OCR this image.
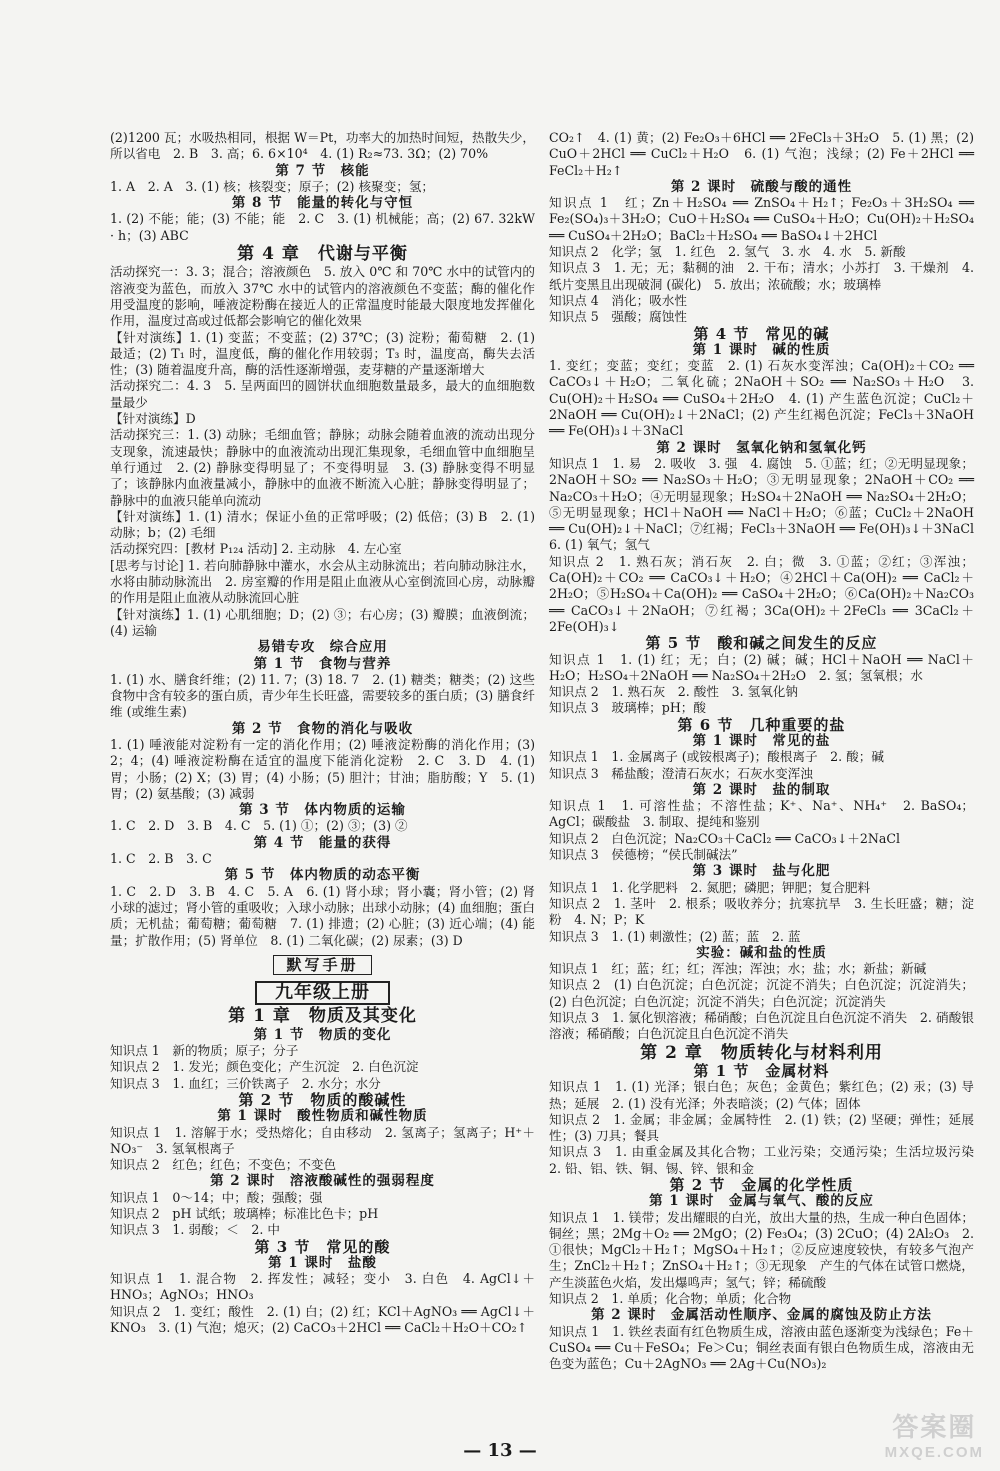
(2)1200 瓦；水吸热相同，根据 W＝Pt，功率大的加热时间短，热散失少，所以省电　2. B　3. 高；6. 6×10⁴　4. (1) R₂≈73. 3Ω；(2) 70%
第 7 节　核能
1. A　2. A　3. (1) 核；核裂变；原子；(2) 核聚变；氢；
第 8 节　能量的转化与守恒
1. (2) 不能；能；(3) 不能；能　2. C　3. (1) 机械能；高；(2) 67. 32kW · h；(3) ABC
第 4 章　代谢与平衡
活动探究一：3. 3；混合；溶液颜色　5. 放入 0℃ 和 70℃ 水中的试管内的溶液变为蓝色，而放入 37℃ 水中的试管内的溶液颜色不变蓝；酶的催化作用受温度的影响，唾液淀粉酶在接近人的正常温度时能最大限度地发挥催化作用，温度过高或过低都会影响它的催化效果
【针对演练】1. (1) 变蓝；不变蓝；(2) 37℃；(3) 淀粉；葡萄糖　2. (1) 最适；(2) T₁ 时，温度低，酶的催化作用较弱；T₃ 时，温度高，酶失去活性；(3) 随着温度升高，酶的活性逐渐增强，麦芽糖的产量逐渐增大
活动探究二：4. 3　5. 呈两面凹的圆饼状血细胞数量最多，最大的血细胞数量最少
【针对演练】D
活动探究三：1. (3) 动脉；毛细血管；静脉；动脉会随着血液的流动出现分支现象，流速最快；静脉中的血液流动出现汇集现象，毛细血管中血细胞呈单行通过　2. (2) 静脉变得明显了；不变得明显　3. (3) 静脉变得不明显了；该静脉内血液量减小，静脉中的血液不断流入心脏；静脉变得明显了；静脉中的血液只能单向流动
【针对演练】1. (1) 清水；保证小鱼的正常呼吸；(2) 低倍；(3) B　2. (1) 动脉；b；(2) 毛细
活动探究四：[教材 P₁₂₄ 活动] 2. 主动脉　4. 左心室
[思考与讨论] 1. 若向肺静脉中灌水，水会从主动脉流出；若向肺动脉注水，水将由肺动脉流出　2. 房室瓣的作用是阻止血液从心室倒流回心房，动脉瓣的作用是阻止血液从动脉流回心脏
【针对演练】1. (1) 心肌细胞；D；(2) ③；右心房；(3) 瓣膜；血液倒流；(4) 运输
易错专攻　综合应用
第 1 节　食物与营养
1. (1) 水、膳食纤维；(2) 11. 7；(3) 18. 7　2. (1) 糖类；糖类；(2) 这些食物中含有较多的蛋白质，青少年生长旺盛，需要较多的蛋白质；(3) 膳食纤维 (或维生素)
第 2 节　食物的消化与吸收
1. (1) 唾液能对淀粉有一定的消化作用；(2) 唾液淀粉酶的消化作用；(3) 2；4；(4) 唾液淀粉酶在适宜的温度下能消化淀粉　2. C　3. D　4. (1) 胃；小肠；(2) X；(3) 胃；(4) 小肠；(5) 胆汁；甘油；脂肪酸；Y　5. (1) 胃；(2) 氨基酸；(3) 减弱
第 3 节　体内物质的运输
1. C　2. D　3. B　4. C　5. (1) ①；(2) ③；(3) ②
第 4 节　能量的获得
1. C　2. B　3. C
第 5 节　体内物质的动态平衡
1. C　2. D　3. B　4. C　5. A　6. (1) 肾小球；肾小囊；肾小管；(2) 肾小球的滤过；肾小管的重吸收；入球小动脉；出球小动脉；(4) 血细胞；蛋白质；无机盐；葡萄糖；葡萄糖　7. (1) 排遗；(2) 心脏；(3) 近心端；(4) 能量；扩散作用；(5) 肾单位　8. (1) 二氧化碳；(2) 尿素；(3) D
默写手册
九年级上册
第 1 章　物质及其变化
第 1 节　物质的变化
知识点 1　新的物质；原子；分子
知识点 2　1. 发光；颜色变化；产生沉淀　2. 白色沉淀
知识点 3　1. 血红；三价铁离子　2. 水分；水分
第 2 节　物质的酸碱性
第 1 课时　酸性物质和碱性物质
知识点 1　1. 溶解于水；受热熔化；自由移动　2. 氢离子；氢离子；H⁺＋NO₃⁻　3. 氢氧根离子
知识点 2　红色；红色；不变色；不变色
第 2 课时　溶液酸碱性的强弱程度
知识点 1　0～14；中；酸；强酸；强
知识点 2　pH 试纸；玻璃棒；标准比色卡；pH
知识点 3　1. 弱酸；＜　2. 中
第 3 节　常见的酸
第 1 课时　盐酸
知识点 1　1. 混合物　2. 挥发性；减轻；变小　3. 白色　4. AgCl↓＋HNO₃；AgNO₃；HNO₃
知识点 2　1. 变红；酸性　2. (1) 白；(2) 红；KCl＋AgNO₃ ══ AgCl↓＋KNO₃　3. (1) 气泡；熄灭；(2) CaCO₃＋2HCl ══ CaCl₂＋H₂O＋CO₂↑
CO₂↑　4. (1) 黄；(2) Fe₂O₃＋6HCl ══ 2FeCl₃＋3H₂O　5. (1) 黑；(2) CuO＋2HCl ══ CuCl₂＋H₂O　6. (1) 气泡；浅绿；(2) Fe＋2HCl ══ FeCl₂＋H₂↑
第 2 课时　硫酸与酸的通性
知识点 1　红；Zn＋H₂SO₄ ══ ZnSO₄＋H₂↑；Fe₂O₃＋3H₂SO₄ ══ Fe₂(SO₄)₃＋3H₂O；CuO＋H₂SO₄ ══ CuSO₄＋H₂O；Cu(OH)₂＋H₂SO₄ ══ CuSO₄＋2H₂O；BaCl₂＋H₂SO₄ ══ BaSO₄↓＋2HCl
知识点 2　化学；氢　1. 红色　2. 氢气　3. 水　4. 水　5. 新酸
知识点 3　1. 无；无；黏稠的油　2. 干布；清水；小苏打　3. 干燥剂　4. 纸片变黑且出现破洞 (碳化)　5. 放出；浓硫酸；水；玻璃棒
知识点 4　消化；吸水性
知识点 5　强酸；腐蚀性
第 4 节　常见的碱
第 1 课时　碱的性质
1. 变红；变蓝；变红；变蓝　2. (1) 石灰水变浑浊；Ca(OH)₂＋CO₂ ══ CaCO₃↓＋H₂O；二氧化硫；2NaOH＋SO₂ ══ Na₂SO₃＋H₂O　3. Cu(OH)₂＋H₂SO₄ ══ CuSO₄＋2H₂O　4. (1) 产生蓝色沉淀；CuCl₂＋2NaOH ══ Cu(OH)₂↓＋2NaCl；(2) 产生红褐色沉淀；FeCl₃＋3NaOH ══ Fe(OH)₃↓＋3NaCl
第 2 课时　氢氧化钠和氢氧化钙
知识点 1　1. 易　2. 吸收　3. 强　4. 腐蚀　5. ①蓝；红；②无明显现象；2NaOH＋SO₂ ══ Na₂SO₃＋H₂O；③无明显现象；2NaOH＋CO₂ ══ Na₂CO₃＋H₂O；④无明显现象；H₂SO₄＋2NaOH ══ Na₂SO₄＋2H₂O；⑤无明显现象；HCl＋NaOH ══ NaCl＋H₂O；⑥蓝；CuCl₂＋2NaOH ══ Cu(OH)₂↓＋NaCl；⑦红褐；FeCl₃＋3NaOH ══ Fe(OH)₃↓＋3NaCl　6. (1) 氧气；氢气
知识点 2　1. 熟石灰；消石灰　2. 白；微　3. ①蓝；②红；③浑浊；Ca(OH)₂＋CO₂ ══ CaCO₃↓＋H₂O；④2HCl＋Ca(OH)₂ ══ CaCl₂＋2H₂O；⑤H₂SO₄＋Ca(OH)₂ ══ CaSO₄＋2H₂O；⑥Ca(OH)₂＋Na₂CO₃ ══ CaCO₃↓＋2NaOH；⑦红褐；3Ca(OH)₂＋2FeCl₃ ══ 3CaCl₂＋2Fe(OH)₃↓
第 5 节　酸和碱之间发生的反应
知识点 1　1. (1) 红；无；白；(2) 碱；碱；HCl＋NaOH ══ NaCl＋H₂O；H₂SO₄＋2NaOH ══ Na₂SO₄＋2H₂O　2. 氢；氢氧根；水
知识点 2　1. 熟石灰　2. 酸性　3. 氢氧化钠
知识点 3　玻璃棒；pH；酸
第 6 节　几种重要的盐
第 1 课时　常见的盐
知识点 1　1. 金属离子 (或铵根离子)；酸根离子　2. 酸；碱
知识点 3　稀盐酸；澄清石灰水；石灰水变浑浊
第 2 课时　盐的制取
知识点 1　1. 可溶性盐；不溶性盐；K⁺、Na⁺、NH₄⁺　2. BaSO₄；AgCl；碳酸盐　3. 制取、提纯和鉴别
知识点 2　白色沉淀；Na₂CO₃＋CaCl₂ ══ CaCO₃↓＋2NaCl
知识点 3　侯德榜；“侯氏制碱法”
第 3 课时　盐与化肥
知识点 1　1. 化学肥料　2. 氮肥；磷肥；钾肥；复合肥料
知识点 2　1. 茎叶　2. 根系；吸收养分；抗寒抗旱　3. 生长旺盛；糖；淀粉　4. N；P；K
知识点 3　1. (1) 刺激性；(2) 蓝；蓝　2. 蓝
实验：碱和盐的性质
知识点 1　红；蓝；红；红；浑浊；浑浊；水；盐；水；新盐；新碱
知识点 2　(1) 白色沉淀；白色沉淀；沉淀不消失；白色沉淀；沉淀消失；(2) 白色沉淀；白色沉淀；沉淀不消失；白色沉淀；沉淀消失
知识点 3　1. 氯化钡溶液；稀硝酸；白色沉淀且白色沉淀不消失　2. 硝酸银溶液；稀硝酸；白色沉淀且白色沉淀不消失
第 2 章　物质转化与材料利用
第 1 节　金属材料
知识点 1　1. (1) 光泽；银白色；灰色；金黄色；紫红色；(2) 汞；(3) 导热；延展　2. (1) 没有光泽；外表暗淡；(2) 气体；固体
知识点 2　1. 金属；非金属；金属特性　2. (1) 铁；(2) 坚硬；弹性；延展性；(3) 刀具；餐具
知识点 3　1. 由重金属及其化合物；工业污染；交通污染；生活垃圾污染　2. 铅、铝、铁、铜、锡、锌、银和金
第 2 节　金属的化学性质
第 1 课时　金属与氧气、酸的反应
知识点 1　1. 镁带；发出耀眼的白光，放出大量的热，生成一种白色固体；铜丝；黑；2Mg＋O₂ ══ 2MgO；(2) Fe₃O₄；(3) 2CuO；(4) 2Al₂O₃　2. ①很快；MgCl₂＋H₂↑；MgSO₄＋H₂↑；②反应速度较快，有较多气泡产生；ZnCl₂＋H₂↑；ZnSO₄＋H₂↑；③无现象　产生的气体在试管口燃烧，产生淡蓝色火焰，发出爆鸣声；氢气；锌；稀硫酸
知识点 2　1. 单质；化合物；单质；化合物
第 2 课时　金属活动性顺序、金属的腐蚀及防止方法
知识点 1　1. 铁丝表面有红色物质生成，溶液由蓝色逐渐变为浅绿色；Fe＋CuSO₄ ══ Cu＋FeSO₄；Fe＞Cu；铜丝表面有银白色物质生成，溶液由无色变为蓝色；Cu＋2AgNO₃ ══ 2Ag＋Cu(NO₃)₂
— 13 —
答案圈
MXQE.COM
